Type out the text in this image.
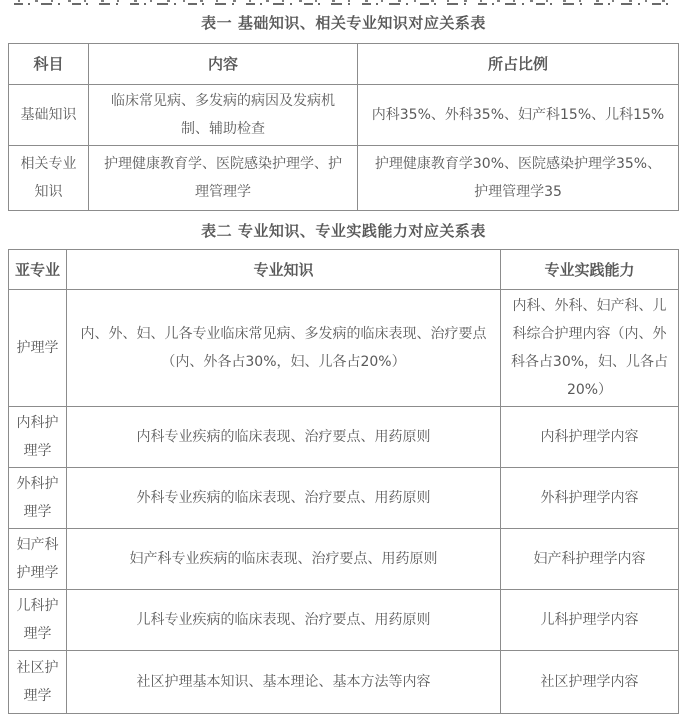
表一 基础知识、相关专业知识对应关系表
科目	内容	所占比例
基础知识	临床常见病、多发病的病因及发病机制、辅助检查	内科35%、外科35%、妇产科15%、儿科15%
相关专业知识	护理健康教育学、医院感染护理学、护理管理学	护理健康教育学30%、医院感染护理学35%、护理管理学35
表二 专业知识、专业实践能力对应关系表
亚专业	专业知识	专业实践能力
护理学	内、外、妇、儿各专业临床常见病、多发病的临床表现、治疗要点（内、外各占30%，妇、儿各占20%）	内科、外科、妇产科、儿科综合护理内容（内、外科各占30%，妇、儿各占20%）
内科护理学	内科专业疾病的临床表现、治疗要点、用药原则	内科护理学内容
外科护理学	外科专业疾病的临床表现、治疗要点、用药原则	外科护理学内容
妇产科护理学	妇产科专业疾病的临床表现、治疗要点、用药原则	妇产科护理学内容
儿科护理学	儿科专业疾病的临床表现、治疗要点、用药原则	儿科护理学内容
社区护理学	社区护理基本知识、基本理论、基本方法等内容	社区护理学内容
